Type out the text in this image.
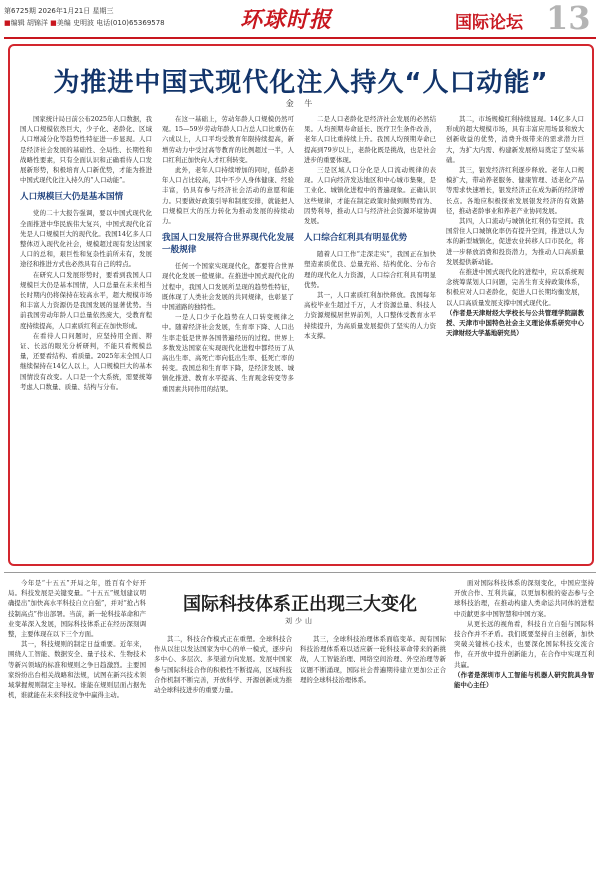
第6725期 2026年1月21日 星期三
■编辑 胡锦洋 ■美编 史明波 电话(010)65369578	环球时报	国际论坛 13
为推进中国式现代化注入持久“人口动能”
金 牛

国家统计局日前公布2025年人口数据，我国人口规模依然巨大，少子化、老龄化、区域人口增减分化等趋势性特征进一步显现。人口是经济社会发展的基础性、全局性、长期性和战略性要素，只有全面认识和正确看待人口发展新形势，积极培育人口新优势，才能为推进中国式现代化注入持久的“人口动能”。

人口规模巨大仍是基本国情

党的二十大报告强调，要以中国式现代化全面推进中华民族伟大复兴，中国式现代化首先是人口规模巨大的现代化。我国14亿多人口整体迈入现代化社会，规模超过现有发达国家人口的总和，艰巨性和复杂性前所未有，发展途径和推进方式也必然具有自己的特点。

在研究人口发展形势时，要看到我国人口规模巨大仍是基本国情，人口总量在未来相当长时期内仍将保持在较高水平，超大规模市场和丰富人力资源仍是我国发展的显著优势。当前我国劳动年龄人口总量依然庞大，受教育程度持续提高，人口素质红利正在加快形成。

在看待人口问题时，应坚持用全面、辩证、长远的眼光分析研判，不能只看规模总量，还要看结构、看质量。2025年末全国人口继续保持在14亿人以上，人口规模巨大的基本国情没有改变。人口是一个大系统，需要统筹考虑人口数量、质量、结构与分布。

在这一基础上，劳动年龄人口规模仍然可观。15—59岁劳动年龄人口占总人口比重仍在六成以上，人口平均受教育年限持续提高，新增劳动力中受过高等教育的比例超过一半，人口红利正加快向人才红利转变。

此外，老年人口持续增加的同时，低龄老年人口占比较高，其中不少人身体健康、经验丰富，仍具有参与经济社会活动的意愿和能力。只要做好政策引导和制度安排，就能把人口规模巨大的压力转化为推动发展的持续动力。

我国人口发展符合世界现代化发展一般规律

任何一个国家实现现代化，都要符合世界现代化发展一般规律。在推进中国式现代化的过程中，我国人口发展所呈现的趋势性特征，既体现了人类社会发展的共同规律，也彰显了中国道路的独特性。

一是人口少子化趋势在人口转变规律之中。随着经济社会发展，生育率下降、人口出生率走低是世界各国普遍经历的过程。世界上多数发达国家在实现现代化进程中都经历了从高出生率、高死亡率向低出生率、低死亡率的转变。我国总和生育率下降，是经济发展、城镇化推进、教育水平提高、生育观念转变等多重因素共同作用的结果。

二是人口老龄化是经济社会发展的必然结果。人均预期寿命延长、医疗卫生条件改善，老年人口比重持续上升。我国人均预期寿命已提高到79岁以上，老龄化既是挑战，也是社会进步的重要体现。

三是区域人口分化是人口流动规律的表现。人口向经济发达地区和中心城市集聚，是工业化、城镇化进程中的普遍现象。正确认识这些规律，才能在制定政策时做到顺势而为、因势利导，推动人口与经济社会资源环境协调发展。

人口综合红利具有明显优势

随着人口工作“走深走实”，我国正在加快塑造素质优良、总量充裕、结构优化、分布合理的现代化人力资源，人口综合红利具有明显优势。

其一，人口素质红利加快释放。我国每年高校毕业生超过千万，人才资源总量、科技人力资源规模居世界前列，人口整体受教育水平持续提升，为高质量发展提供了坚实的人力资本支撑。

其二，市场规模红利持续显现。14亿多人口形成的超大规模市场，具有丰富应用场景和放大创新收益的优势，消费升级带来的需求潜力巨大，为扩大内需、构建新发展格局奠定了坚实基础。

其三，银发经济红利逐步释放。老年人口规模扩大，带动养老服务、健康管理、适老化产品等需求快速增长，银发经济正在成为新的经济增长点。各地应积极探索发展银发经济的有效路径，推动老龄事业和养老产业协同发展。

其四，人口流动与城镇化红利仍有空间。我国常住人口城镇化率仍有提升空间，推进以人为本的新型城镇化，促进农业转移人口市民化，将进一步释放消费和投资潜力，为推动人口高质量发展提供新动能。

在推进中国式现代化的进程中，应以系统观念统筹谋划人口问题，完善生育支持政策体系，积极应对人口老龄化，促进人口长期均衡发展，以人口高质量发展支撑中国式现代化。

（作者是天津财经大学校长与公共管理学院副教授、天津市中国特色社会主义理论体系研究中心天津财经大学基地研究员）

今年是“十五五”开局之年，胜百有个好开局。科技发展是关键变量。“十五五”规划建议明确提出“加快高水平科技自立自强”，并对“抢占科技制高点”作出部署。当前，新一轮科技革命和产业变革深入发展，国际科技体系正在经历深刻调整，主要体现在以下三个方面。

其一，科技规则的制定日益重要。近年来，围绕人工智能、数据安全、量子技术、生物技术等新兴领域的标准和规则之争日趋激烈。主要国家纷纷出台相关战略和法规，试图在新兴技术领域掌握规则制定主导权。谁能在规则层面占据先机，谁就能在未来科技竞争中赢得主动。

国际科技体系正出现三大变化
刘少山

其二，科技合作模式正在重塑。全球科技合作从以往以发达国家为中心的单一模式，逐步向多中心、多层次、多渠道方向发展。发展中国家参与国际科技合作的积极性不断提高，区域科技合作机制不断完善，开放科学、开源创新成为推动全球科技进步的重要力量。

其三，全球科技治理体系面临变革。现有国际科技治理体系难以适应新一轮科技革命带来的新挑战，人工智能治理、网络空间治理、外空治理等新议题不断涌现，国际社会普遍期待建立更加公正合理的全球科技治理体系。

面对国际科技体系的深刻变化，中国应坚持开放合作、互利共赢，以更加积极的姿态参与全球科技治理，在推动构建人类命运共同体的进程中贡献更多中国智慧和中国方案。

从更长远的视角看，科技自立自强与国际科技合作并不矛盾。我们既要坚持自主创新，加快突破关键核心技术，也要深化国际科技交流合作，在开放中提升创新能力，在合作中实现互利共赢。

（作者是深圳市人工智能与机器人研究院具身智能中心主任）
